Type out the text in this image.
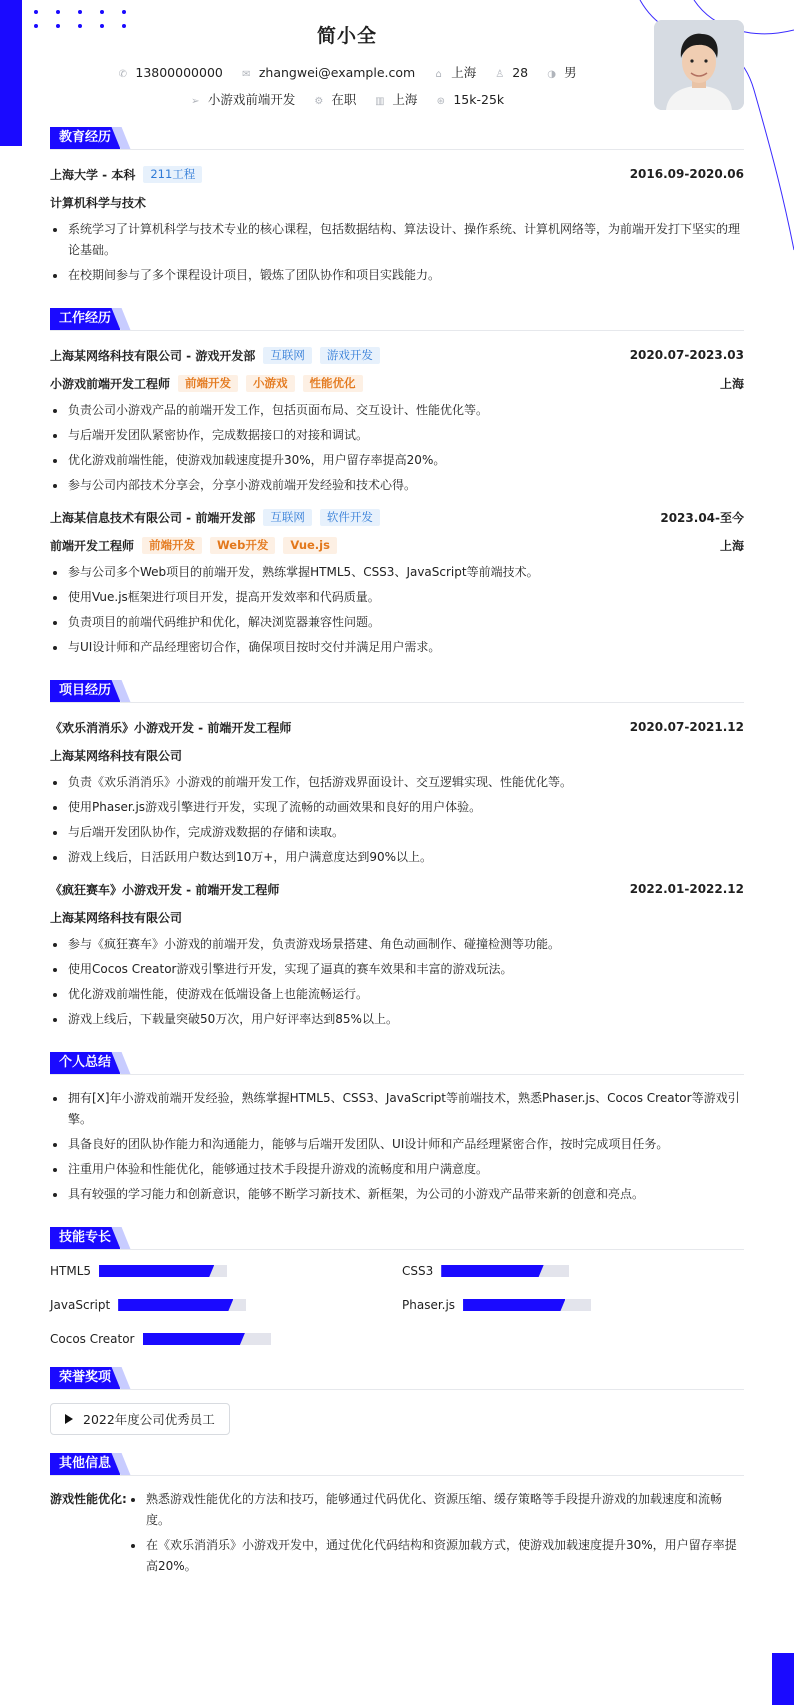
简小全
✆ 13800000000 ✉ zhangwei@example.com ⌂ 上海 ♙ 28 ◑ 男
➢ 小游戏前端开发 ⚙ 在职 ▥ 上海 ⊛ 15k-25k
教育经历
上海大学 - 本科	211工程	2016.09-2020.06
计算机科学与技术
系统学习了计算机科学与技术专业的核心课程，包括数据结构、算法设计、操作系统、计算机网络等，为前端开发打下坚实的理论基础。
在校期间参与了多个课程设计项目，锻炼了团队协作和项目实践能力。
工作经历
上海某网络科技有限公司 - 游戏开发部	互联网	游戏开发	2020.07-2023.03
小游戏前端开发工程师	前端开发	小游戏	性能优化	上海
负责公司小游戏产品的前端开发工作，包括页面布局、交互设计、性能优化等。
与后端开发团队紧密协作，完成数据接口的对接和调试。
优化游戏前端性能，使游戏加载速度提升30%，用户留存率提高20%。
参与公司内部技术分享会，分享小游戏前端开发经验和技术心得。
上海某信息技术有限公司 - 前端开发部	互联网	软件开发	2023.04-至今
前端开发工程师	前端开发	Web开发	Vue.js	上海
参与公司多个Web项目的前端开发，熟练掌握HTML5、CSS3、JavaScript等前端技术。
使用Vue.js框架进行项目开发，提高开发效率和代码质量。
负责项目的前端代码维护和优化，解决浏览器兼容性问题。
与UI设计师和产品经理密切合作，确保项目按时交付并满足用户需求。
项目经历
《欢乐消消乐》小游戏开发 - 前端开发工程师	2020.07-2021.12
上海某网络科技有限公司
负责《欢乐消消乐》小游戏的前端开发工作，包括游戏界面设计、交互逻辑实现、性能优化等。
使用Phaser.js游戏引擎进行开发，实现了流畅的动画效果和良好的用户体验。
与后端开发团队协作，完成游戏数据的存储和读取。
游戏上线后，日活跃用户数达到10万+，用户满意度达到90%以上。
《疯狂赛车》小游戏开发 - 前端开发工程师	2022.01-2022.12
上海某网络科技有限公司
参与《疯狂赛车》小游戏的前端开发，负责游戏场景搭建、角色动画制作、碰撞检测等功能。
使用Cocos Creator游戏引擎进行开发，实现了逼真的赛车效果和丰富的游戏玩法。
优化游戏前端性能，使游戏在低端设备上也能流畅运行。
游戏上线后，下载量突破50万次，用户好评率达到85%以上。
个人总结
拥有[X]年小游戏前端开发经验，熟练掌握HTML5、CSS3、JavaScript等前端技术，熟悉Phaser.js、Cocos Creator等游戏引擎。
具备良好的团队协作能力和沟通能力，能够与后端开发团队、UI设计师和产品经理紧密合作，按时完成项目任务。
注重用户体验和性能优化，能够通过技术手段提升游戏的流畅度和用户满意度。
具有较强的学习能力和创新意识，能够不断学习新技术、新框架，为公司的小游戏产品带来新的创意和亮点。
技能专长
HTML5	CSS3
JavaScript	Phaser.js
Cocos Creator
荣誉奖项
2022年度公司优秀员工
其他信息
游戏性能优化:	熟悉游戏性能优化的方法和技巧，能够通过代码优化、资源压缩、缓存策略等手段提升游戏的加载速度和流畅度。
在《欢乐消消乐》小游戏开发中，通过优化代码结构和资源加载方式，使游戏加载速度提升30%，用户留存率提高20%。
